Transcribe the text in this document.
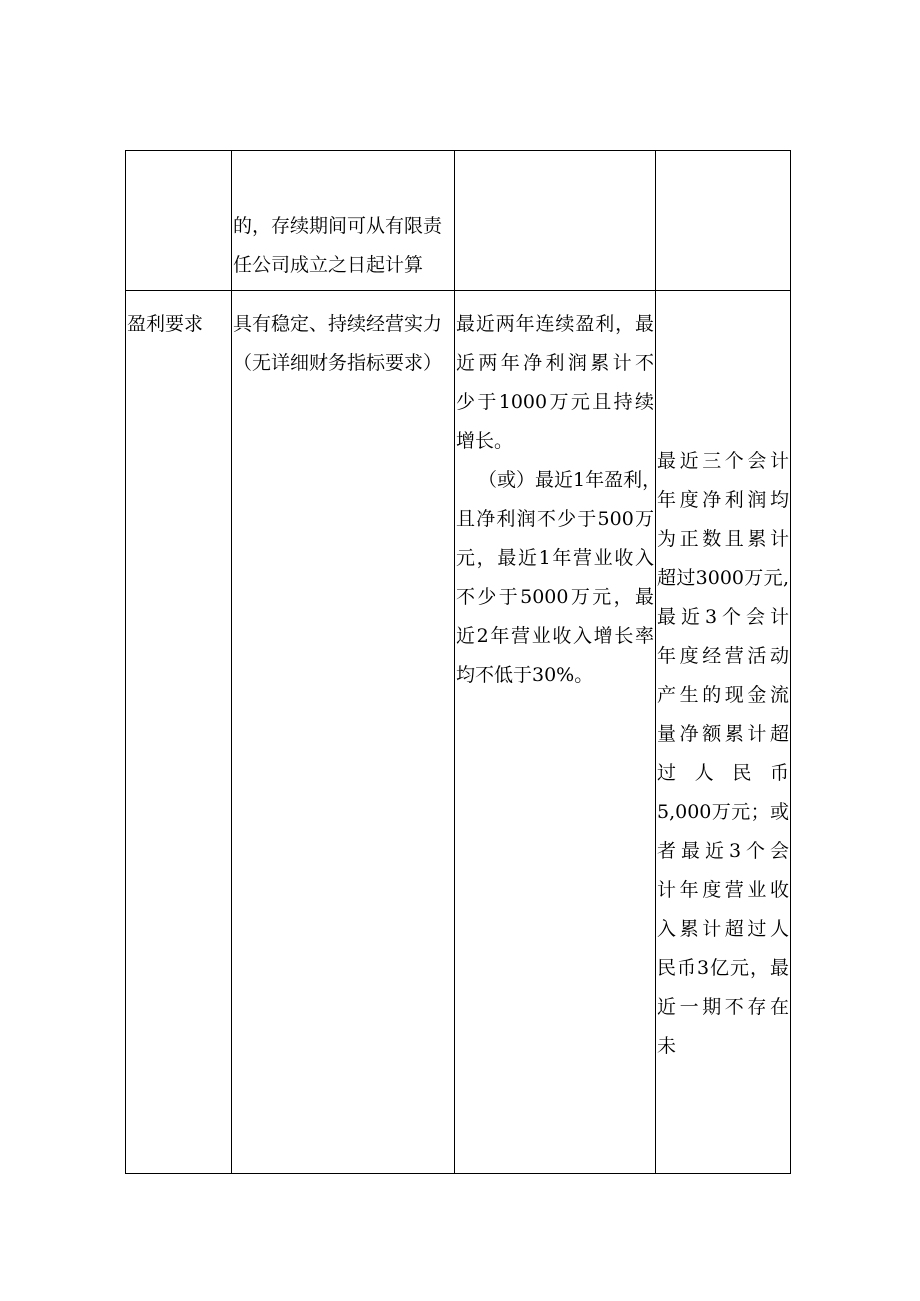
的，存续期间可从有限责
任公司成立之日起计算
盈利要求	具有稳定、持续经营实力
（无详细财务指标要求）
最近两年连续盈利，最
近两年净利润累计不
少于1000万元且持续
增长。
（或）最近1年盈利，
且净利润不少于500万
元，最近1年营业收入
不少于5000万元，最
近2年营业收入增长率
均不低于30%。
最近三个会计
年度净利润均
为正数且累计
超过3000万元,
最近3个会计
年度经营活动
产生的现金流
量净额累计超
过人民币
5,000万元；或
者最近3个会
计年度营业收
入累计超过人
民币3亿元，最
近一期不存在
未
